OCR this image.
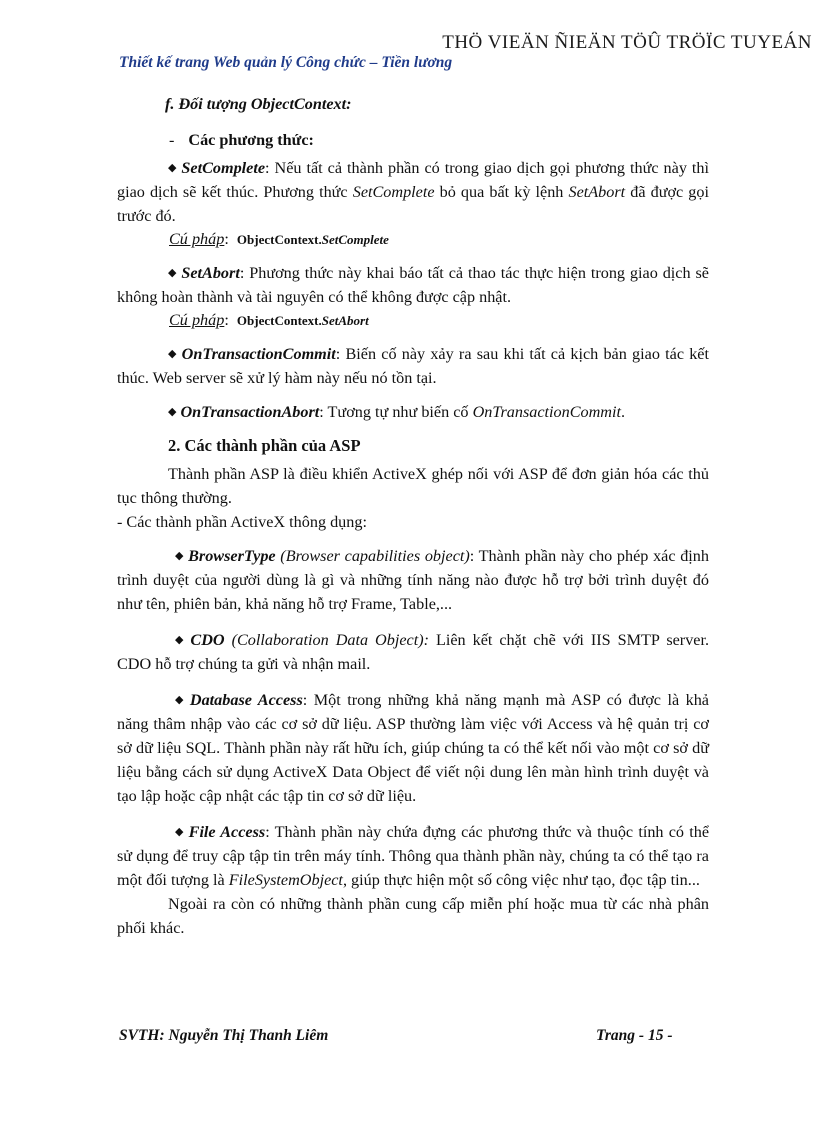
THÖ VIEÄN ÑIEÄN TÖÛ TRÖÏC TUYEÁN
Thiết kế trang Web quản lý Công chức – Tiền lương

f. Đối tượng ObjectContext:

- Các phương thức:

◆ SetComplete: Nếu tất cả thành phần có trong giao dịch gọi phương thức này thì giao dịch sẽ kết thúc. Phương thức SetComplete bỏ qua bất kỳ lệnh SetAbort đã được gọi trước đó.

Cú pháp: ObjectContext.SetComplete

◆ SetAbort: Phương thức này khai báo tất cả thao tác thực hiện trong giao dịch sẽ không hoàn thành và tài nguyên có thể không được cập nhật.

Cú pháp: ObjectContext.SetAbort

◆ OnTransactionCommit: Biến cố này xảy ra sau khi tất cả kịch bản giao tác kết thúc. Web server sẽ xử lý hàm này nếu nó tồn tại.

◆ OnTransactionAbort: Tương tự như biến cố OnTransactionCommit.

2. Các thành phần của ASP

Thành phần ASP là điều khiển ActiveX ghép nối với ASP để đơn giản hóa các thủ tục thông thường.

- Các thành phần ActiveX thông dụng:

◆ BrowserType (Browser capabilities object): Thành phần này cho phép xác định trình duyệt của người dùng là gì và những tính năng nào được hỗ trợ bởi trình duyệt đó như tên, phiên bản, khả năng hỗ trợ Frame, Table,...

◆ CDO (Collaboration Data Object): Liên kết chặt chẽ với IIS SMTP server. CDO hỗ trợ chúng ta gửi và nhận mail.

◆ Database Access: Một trong những khả năng mạnh mà ASP có được là khả năng thâm nhập vào các cơ sở dữ liệu. ASP thường làm việc với Access và hệ quản trị cơ sở dữ liệu SQL. Thành phần này rất hữu ích, giúp chúng ta có thể kết nối vào một cơ sở dữ liệu bằng cách sử dụng ActiveX Data Object để viết nội dung lên màn hình trình duyệt và tạo lập hoặc cập nhật các tập tin cơ sở dữ liệu.

◆ File Access: Thành phần này chứa đựng các phương thức và thuộc tính có thể sử dụng để truy cập tập tin trên máy tính. Thông qua thành phần này, chúng ta có thể tạo ra một đối tượng là FileSystemObject, giúp thực hiện một số công việc như tạo, đọc tập tin...

Ngoài ra còn có những thành phần cung cấp miễn phí hoặc mua từ các nhà phân phối khác.

SVTH: Nguyễn Thị Thanh Liêm	Trang - 15 -
